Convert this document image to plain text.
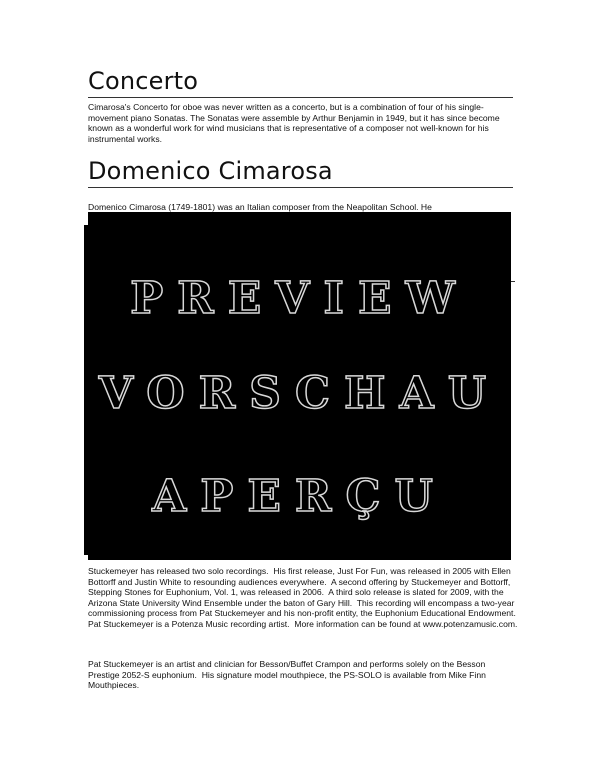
Concerto

Cimarosa's Concerto for oboe was never written as a concerto, but is a combination of four of his single-movement piano Sonatas. The Sonatas were assemble by Arthur Benjamin in 1949, but it has since become known as a wonderful work for wind musicians that is representative of a composer not well-known for his instrumental works.

Domenico Cimarosa

Domenico Cimarosa (1749-1801) was an Italian composer from the Neapolitan School. He

PREVIEW
VORSCHAU
APERÇU

Stuckemeyer has released two solo recordings.  His first release, Just For Fun, was released in 2005 with Ellen Bottorff and Justin White to resounding audiences everywhere.  A second offering by Stuckemeyer and Bottorff, Stepping Stones for Euphonium, Vol. 1, was released in 2006.  A third solo release is slated for 2009, with the Arizona State University Wind Ensemble under the baton of Gary Hill.  This recording will encompass a two-year commissioning process from Pat Stuckemeyer and his non-profit entity, the Euphonium Educational Endowment.  Pat Stuckemeyer is a Potenza Music recording artist.  More information can be found at www.potenzamusic.com.

Pat Stuckemeyer is an artist and clinician for Besson/Buffet Crampon and performs solely on the Besson Prestige 2052-S euphonium.  His signature model mouthpiece, the PS-SOLO is available from Mike Finn Mouthpieces.
